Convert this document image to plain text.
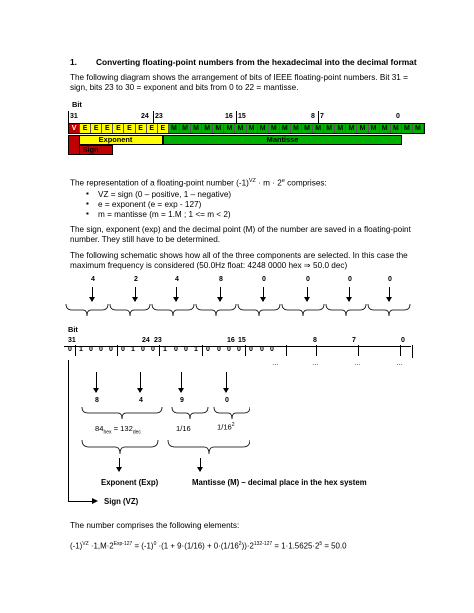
1. Converting floating-point numbers from the hexadecimal into the decimal format
The following diagram shows the arrangement of bits of IEEE floating-point numbers. Bit 31 = sign, bits 23 to 30 = exponent and bits from 0 to 22 = mantisse.
Bit
31	24 23	16 15	8 7	0
V E E E E E E E E M M M M M M M M M M M M M M M M M M M M M M M
Exponent	Mantisse
Sign
The representation of a floating-point number $(-1)^{VZ} \cdot m \cdot 2^e$ comprises:
▪ VZ = sign (0 – positive, 1 – negative)
▪ e = exponent (e = exp - 127)
▪ m = mantisse (m = 1.M ; 1 <= m < 2)
The sign, exponent (exp) and the decimal point (M) of the number are saved in a floating-point number. They still have to be determined.
The following schematic shows how all of the three components are selected. In this case the maximum frequency is considered (50.0Hz float: 4248 0000 hex ⇒ 50.0 dec)
4	2	4	8	0	0	0	0
Bit
31	24 23	16 15	8	7	0
0 1 0 0 0 0 1 0 0 1 0 0 1 0 0 0 0 0 0 0
…	…	…	…
8	4	9	0
$84_{hex} = 132_{dec}$	1/16	$1/16^2$
Exponent (Exp)	Mantisse (M) – decimal place in the hex system
Sign (VZ)
The number comprises the following elements:
$(-1)^{VZ} \cdot 1,M\cdot 2^{Exp-127} = (-1)^0 \cdot(1 + 9\cdot(1/16) + 0\cdot(1/16^2))\cdot 2^{132-127} = 1\cdot 1.5625\cdot 2^5 = 50.0$
